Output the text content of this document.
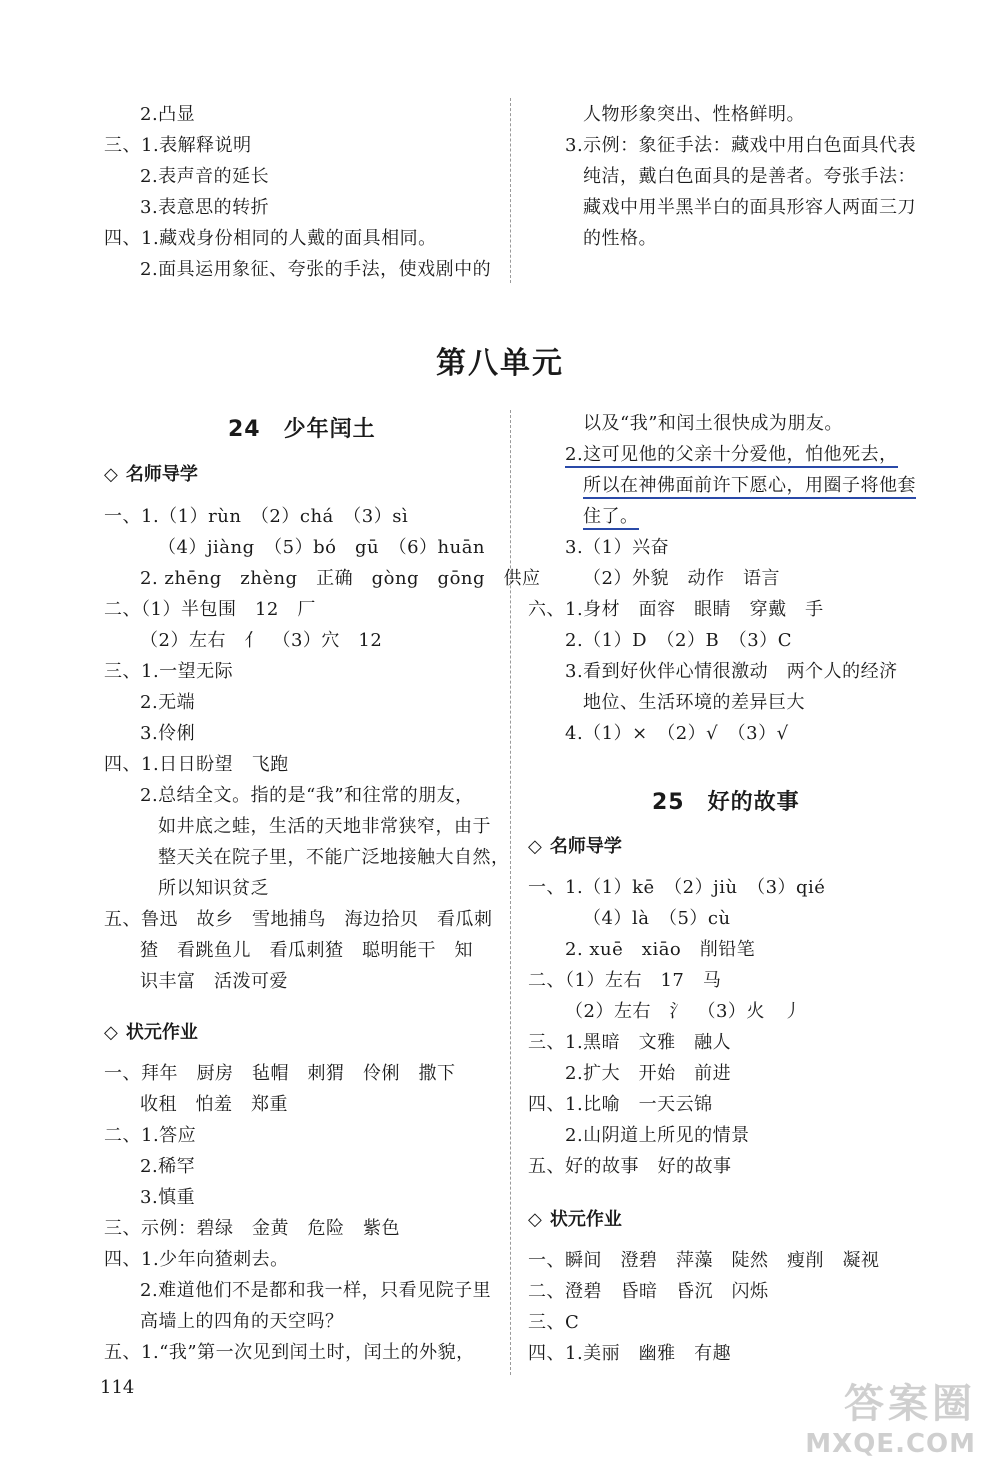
2.凸显
三、1.表解释说明
2.表声音的延长
3.表意思的转折
四、1.藏戏身份相同的人戴的面具相同。
2.面具运用象征、夸张的手法，使戏剧中的
人物形象突出、性格鲜明。
3.示例：象征手法：藏戏中用白色面具代表
纯洁，戴白色面具的是善者。夸张手法：
藏戏中用半黑半白的面具形容人两面三刀
的性格。
第八单元
24　少年闰土
◇ 名师导学
一、1.（1）rùn　（2）chá　（3）sì
（4）jiàng　（5）bó　gū　（6）huān
2. zhēng　zhèng　正确　gòng　gōng　供应
二、（1）半包围　12　厂
（2）左右　亻　（3）穴　12
三、1.一望无际
2.无端
3.伶俐
四、1.日日盼望　飞跑
2.总结全文。指的是“我”和往常的朋友，
如井底之蛙，生活的天地非常狭窄，由于
整天关在院子里，不能广泛地接触大自然，
所以知识贫乏
五、鲁迅　故乡　雪地捕鸟　海边拾贝　看瓜刺
猹　看跳鱼儿　看瓜刺猹　聪明能干　知
识丰富　活泼可爱
◇ 状元作业
一、拜年　厨房　毡帽　刺猬　伶俐　撒下
收租　怕羞　郑重
二、1.答应
2.稀罕
3.慎重
三、示例：碧绿　金黄　危险　紫色
四、1.少年向猹刺去。
2.难道他们不是都和我一样，只看见院子里
高墙上的四角的天空吗？
五、1.“我”第一次见到闰土时，闰土的外貌，
以及“我”和闰土很快成为朋友。
2.这可见他的父亲十分爱他，怕他死去，
所以在神佛面前许下愿心，用圈子将他套
住了。
3.（1）兴奋
（2）外貌　动作　语言
六、1.身材　面容　眼睛　穿戴　手
2.（1）D　（2）B　（3）C
3.看到好伙伴心情很激动　两个人的经济
地位、生活环境的差异巨大
4.（1）×　（2）√　（3）√
25　好的故事
◇ 名师导学
一、1.（1）kē　（2）jiù　（3）qié
（4）là　（5）cù
2. xuē　xiāo　削铅笔
二、（1）左右　17　马
（2）左右　氵　（3）火　丿
三、1.黑暗　文雅　融人
2.扩大　开始　前进
四、1.比喻　一天云锦
2.山阴道上所见的情景
五、好的故事　好的故事
◇ 状元作业
一、瞬间　澄碧　萍藻　陡然　瘦削　凝视
二、澄碧　昏暗　昏沉　闪烁
三、C
四、1.美丽　幽雅　有趣
114	答案圈
MXQE.COM
